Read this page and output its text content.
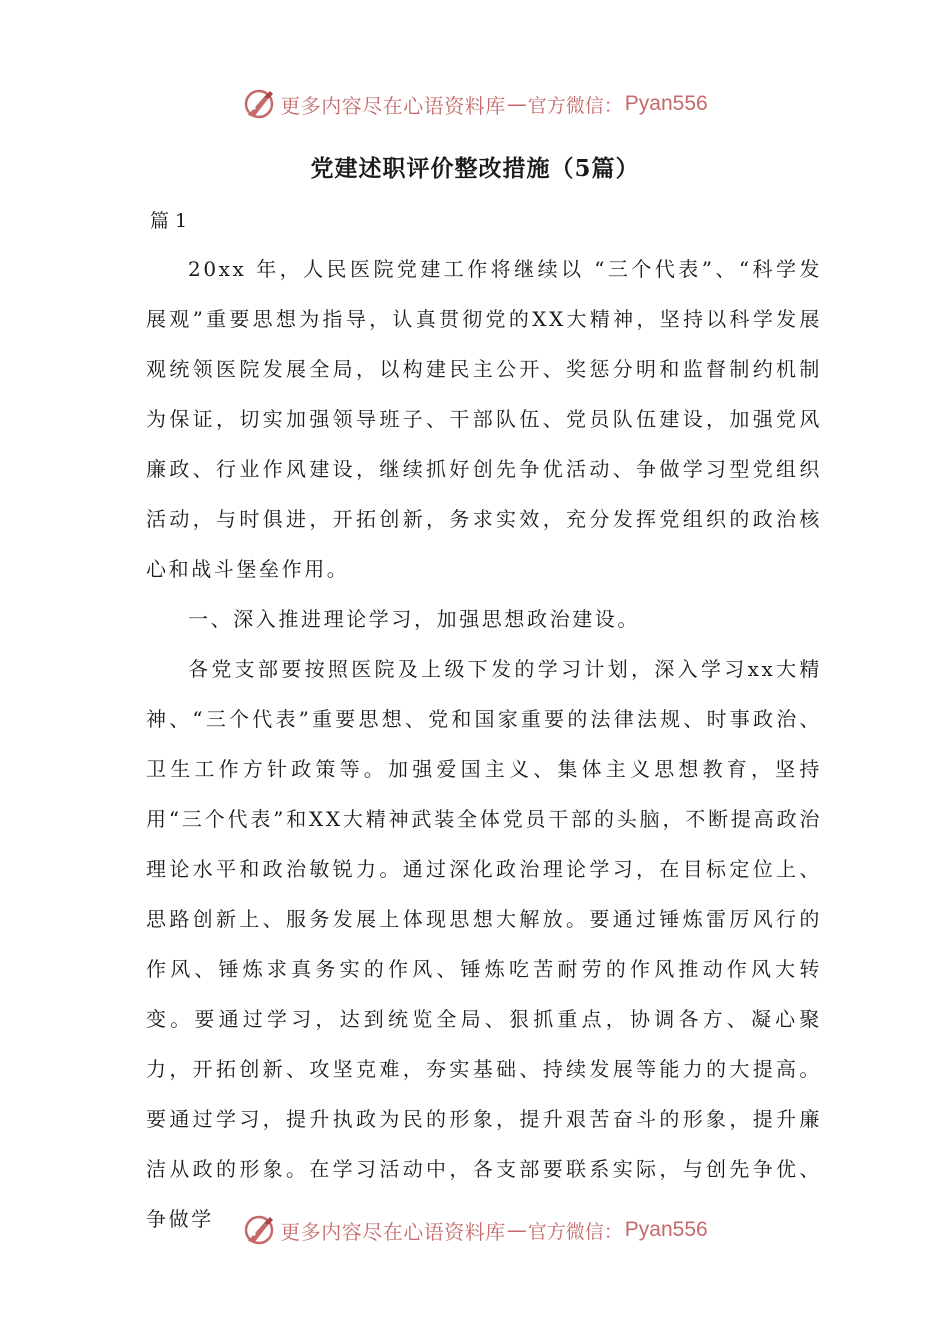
更多内容尽在心语资料库 — 官方微信： Pyan556
党建述职评价整改措施（5篇）

篇 1

20xx 年，人民医院党建工作将继续以 “三个代表”、“科学发展观”重要思想为指导，认真贯彻党的XX大精神，坚持以科学发展观统领医院发展全局，以构建民主公开、奖惩分明和监督制约机制为保证，切实加强领导班子、干部队伍、党员队伍建设，加强党风廉政、行业作风建设，继续抓好创先争优活动、争做学习型党组织活动，与时俱进，开拓创新，务求实效，充分发挥党组织的政治核心和战斗堡垒作用。

一、深入推进理论学习，加强思想政治建设。

各党支部要按照医院及上级下发的学习计划，深入学习xx大精神、“三个代表”重要思想、党和国家重要的法律法规、时事政治、卫生工作方针政策等。加强爱国主义、集体主义思想教育，坚持用“三个代表”和XX大精神武装全体党员干部的头脑，不断提高政治理论水平和政治敏锐力。通过深化政治理论学习，在目标定位上、思路创新上、服务发展上体现思想大解放。要通过锤炼雷厉风行的作风、锤炼求真务实的作风、锤炼吃苦耐劳的作风推动作风大转变。要通过学习，达到统览全局、狠抓重点，协调各方、凝心聚力，开拓创新、攻坚克难，夯实基础、持续发展等能力的大提高。要通过学习，提升执政为民的形象，提升艰苦奋斗的形象，提升廉洁从政的形象。在学习活动中，各支部要联系实际，与创先争优、争做学

更多内容尽在心语资料库 — 官方微信： Pyan556
